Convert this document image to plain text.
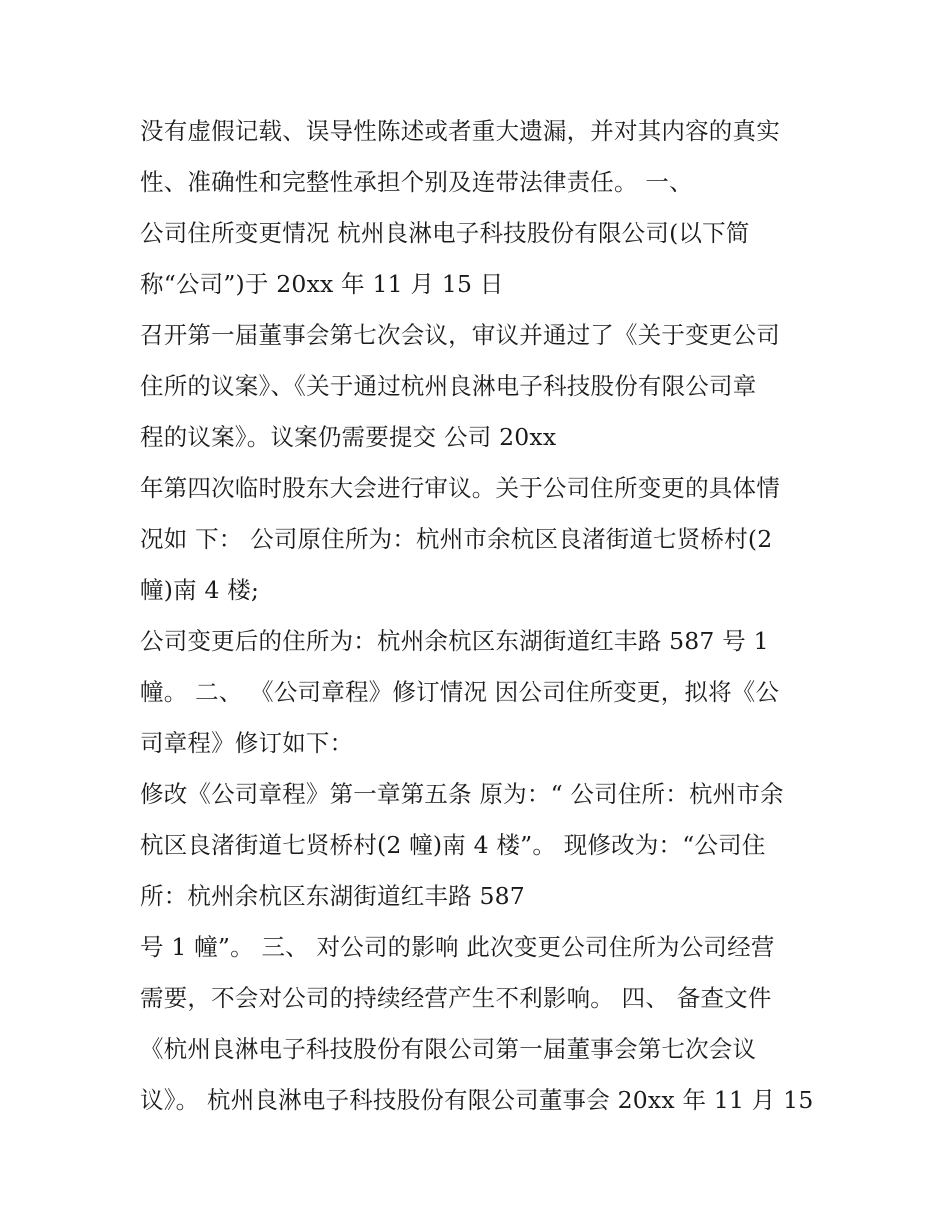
没有虚假记载、误导性陈述或者重大遗漏，并对其内容的真实
性、准确性和完整性承担个别及连带法律责任。 一、
公司住所变更情况 杭州良淋电子科技股份有限公司(以下简
称“公司”)于 20xx 年 11 月 15 日
召开第一届董事会第七次会议，审议并通过了《关于变更公司
住所的议案》、《关于通过杭州良淋电子科技股份有限公司章
程的议案》。议案仍需要提交 公司 20xx
年第四次临时股东大会进行审议。关于公司住所变更的具体情
况如 下： 公司原住所为：杭州市余杭区良渚街道七贤桥村(2
幢)南 4 楼;
公司变更后的住所为：杭州余杭区东湖街道红丰路 587 号 1
幢。 二、 《公司章程》修订情况 因公司住所变更，拟将《公
司章程》修订如下：
修改《公司章程》第一章第五条 原为：“ 公司住所：杭州市余
杭区良渚街道七贤桥村(2 幢)南 4 楼”。 现修改为：“公司住
所：杭州余杭区东湖街道红丰路 587
号 1 幢”。 三、 对公司的影响 此次变更公司住所为公司经营
需要，不会对公司的持续经营产生不利影响。 四、 备查文件
《杭州良淋电子科技股份有限公司第一届董事会第七次会议
议》。 杭州良淋电子科技股份有限公司董事会 20xx 年 11 月 15
